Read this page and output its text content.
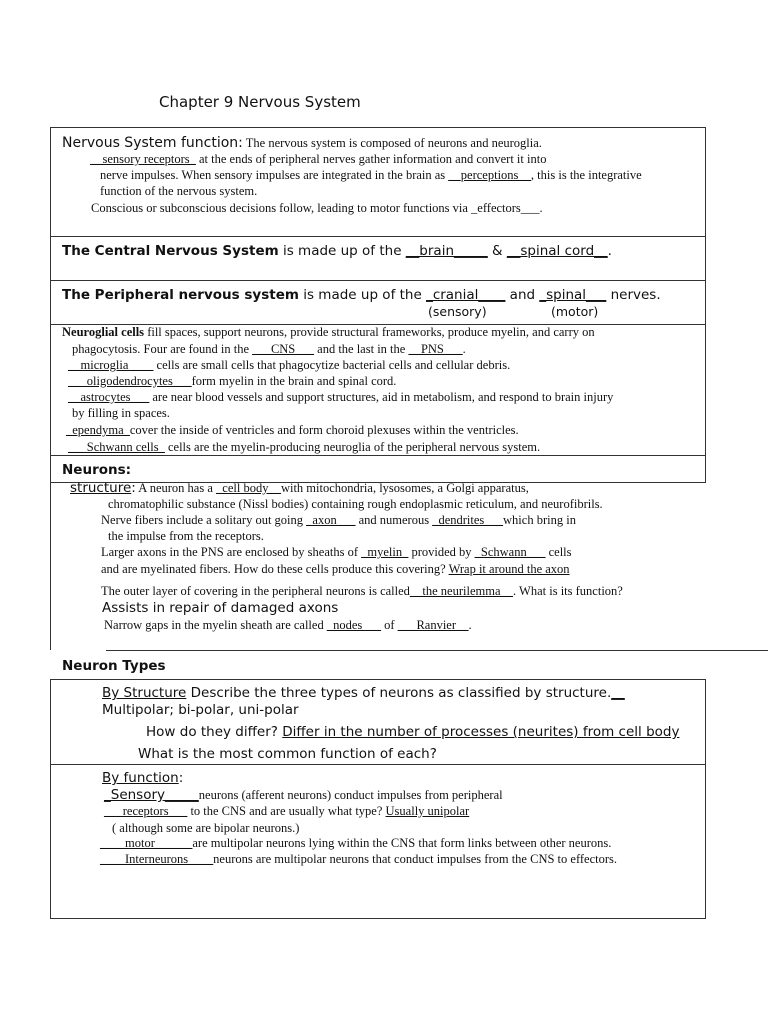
Chapter 9 Nervous System
Nervous System function: The nervous system is composed of neurons and neuroglia.
__sensory receptors_ at the ends of peripheral nerves gather information and convert it into
nerve impulses. When sensory impulses are integrated in the brain as __perceptions__, this is the integrative
function of the nervous system.
Conscious or subconscious decisions follow, leading to motor functions via _effectors___.
The Central Nervous System is made up of the __brain_____ & __spinal cord__.
The Peripheral nervous system is made up of the _cranial____ and _spinal___ nerves.
(sensory)	(motor)
Neuroglial cells fill spaces, support neurons, provide structural frameworks, produce myelin, and carry on
phagocytosis. Four are found in the ___CNS___ and the last in the __PNS___.
__microglia____ cells are small cells that phagocytize bacterial cells and cellular debris.
___oligodendrocytes___form myelin in the brain and spinal cord.
__astrocytes___ are near blood vessels and support structures, aid in metabolism, and respond to brain injury
by filling in spaces.
_ependyma_cover the inside of ventricles and form choroid plexuses within the ventricles.
___Schwann cells_ cells are the myelin-producing neuroglia of the peripheral nervous system.
Neurons:
structure: A neuron has a _cell body__with mitochondria, lysosomes, a Golgi apparatus,
chromatophilic substance (Nissl bodies) containing rough endoplasmic reticulum, and neurofibrils.
Nerve fibers include a solitary out going _axon___ and numerous _dendrites___which bring in
the impulse from the receptors.
Larger axons in the PNS are enclosed by sheaths of _myelin_ provided by _Schwann___ cells
and are myelinated fibers. How do these cells produce this covering? Wrap it around the axon
The outer layer of covering in the peripheral neurons is called__the neurilemma__. What is its function?
Assists in repair of damaged axons
Narrow gaps in the myelin sheath are called _nodes___ of ___Ranvier__.
Neuron Types
By Structure Describe the three types of neurons as classified by structure.__
Multipolar; bi-polar, uni-polar
How do they differ? Differ in the number of processes (neurites) from cell body
What is the most common function of each?
By function:
_Sensory_____neurons (afferent neurons) conduct impulses from peripheral
___receptors___ to the CNS and are usually what type? Usually unipolar
( although some are bipolar neurons.)
____motor______are multipolar neurons lying within the CNS that form links between other neurons.
____Interneurons____neurons are multipolar neurons that conduct impulses from the CNS to effectors.
